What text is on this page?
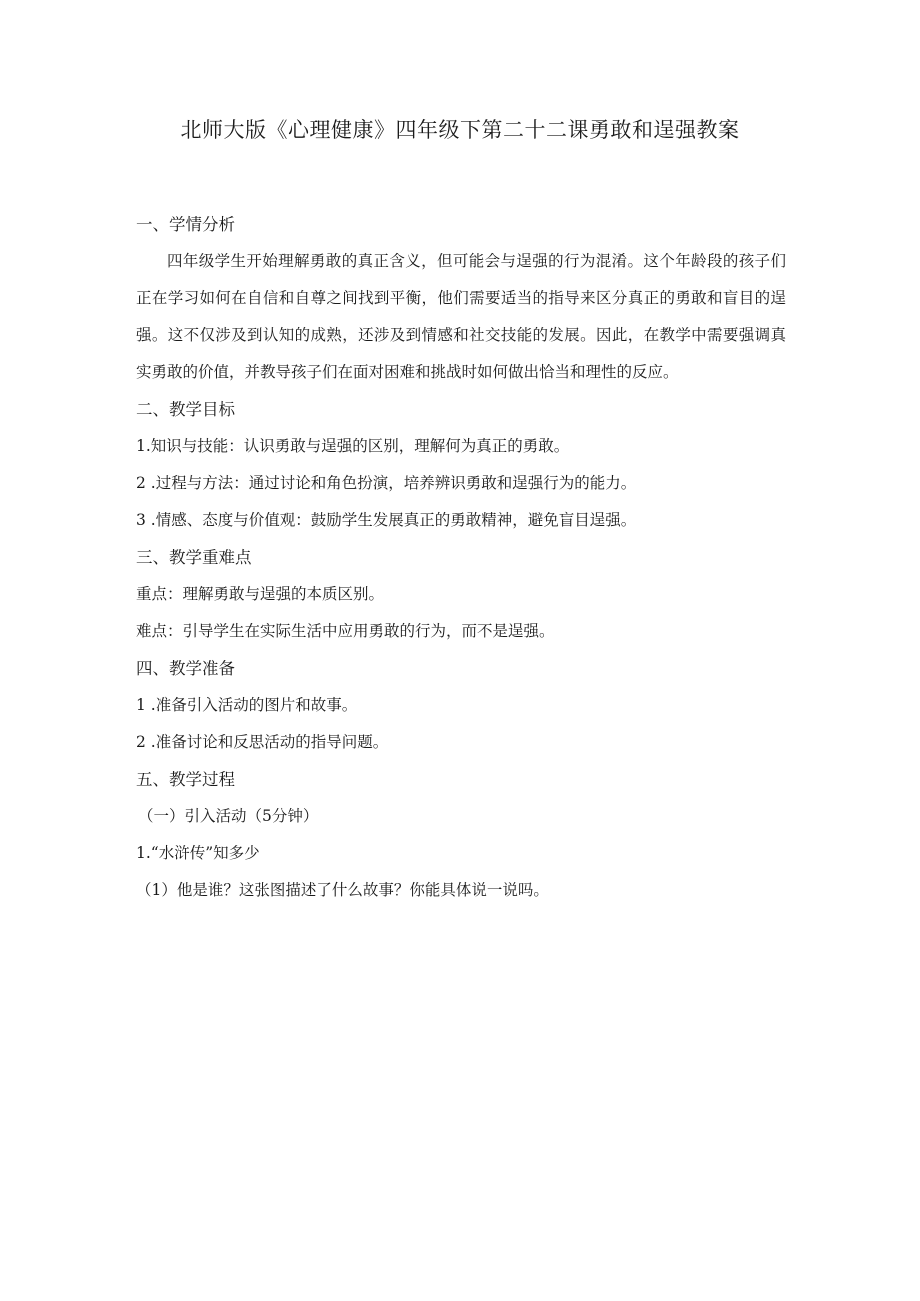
北师大版《心理健康》四年级下第二十二课勇敢和逞强教案
一、学情分析

四年级学生开始理解勇敢的真正含义，但可能会与逞强的行为混淆。这个年龄段的孩子们正在学习如何在自信和自尊之间找到平衡，他们需要适当的指导来区分真正的勇敢和盲目的逞强。这不仅涉及到认知的成熟，还涉及到情感和社交技能的发展。因此，在教学中需要强调真实勇敢的价值，并教导孩子们在面对困难和挑战时如何做出恰当和理性的反应。

二、教学目标
1.知识与技能：认识勇敢与逞强的区别，理解何为真正的勇敢。
2 .过程与方法：通过讨论和角色扮演，培养辨识勇敢和逞强行为的能力。
3 .情感、态度与价值观：鼓励学生发展真正的勇敢精神，避免盲目逞强。
三、教学重难点
重点：理解勇敢与逞强的本质区别。
难点：引导学生在实际生活中应用勇敢的行为，而不是逞强。
四、教学准备
1 .准备引入活动的图片和故事。
2 .准备讨论和反思活动的指导问题。
五、教学过程
（一）引入活动（5分钟）
1.“水浒传”知多少
（1）他是谁？这张图描述了什么故事？你能具体说一说吗。
